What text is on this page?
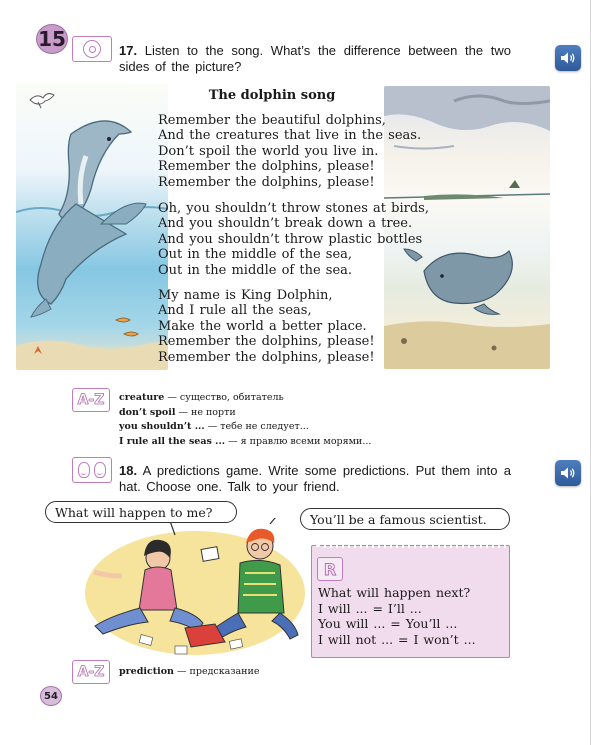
15	17. Listen to the song. What’s the difference between the two sides of the picture?
The dolphin song
Remember the beautiful dolphins,
And the creatures that live in the seas.
Don’t spoil the world you live in.
Remember the dolphins, please!
Remember the dolphins, please!
Oh, you shouldn’t throw stones at birds,
And you shouldn’t break down a tree.
And you shouldn’t throw plastic bottles
Out in the middle of the sea,
Out in the middle of the sea.
My name is King Dolphin,
And I rule all the seas,
Make the world a better place.
Remember the dolphins, please!
Remember the dolphins, please!
A-Z	creature — существо, обитатель
don’t spoil — не порти
you shouldn’t ... — тебе не следует...
I rule all the seas ... — я правлю всеми морями...
18. A predictions game. Write some predictions. Put them into a hat. Choose one. Talk to your friend.
What will happen to me?	You’ll be a famous scientist.
R
What will happen next?
I will ... = I’ll ...
You will ... = You’ll ...
I will not ... = I won’t ...
A-Z	prediction — предсказание
54
